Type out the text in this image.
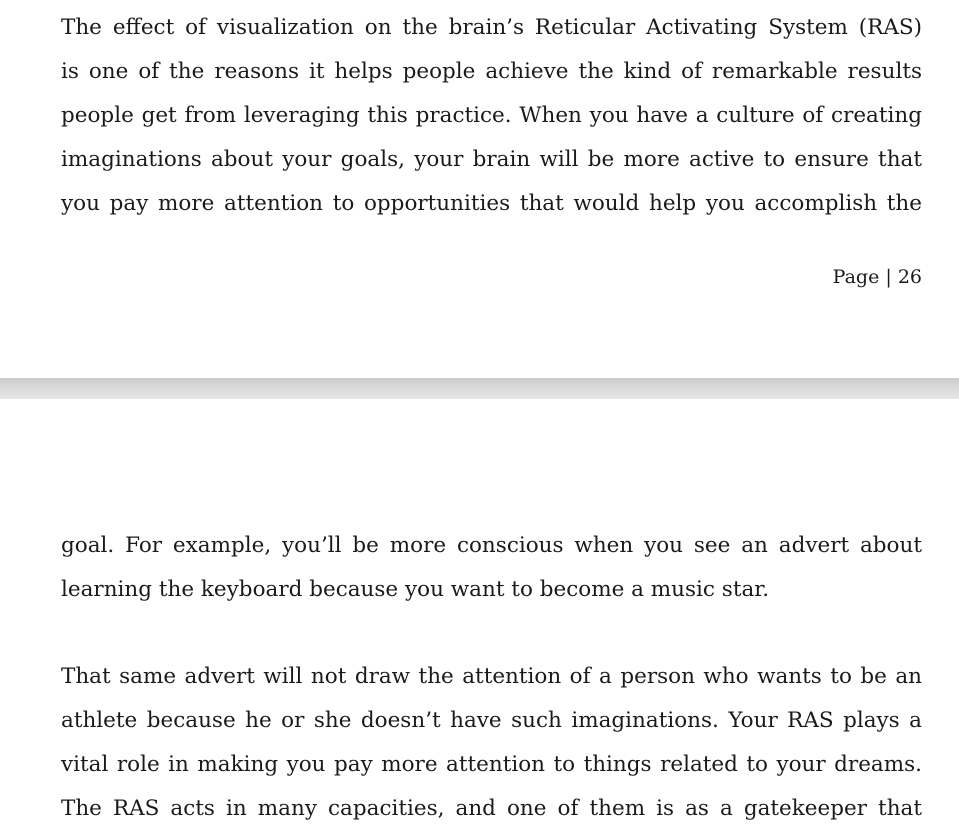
The effect of visualization on the brain’s Reticular Activating System (RAS)
is one of the reasons it helps people achieve the kind of remarkable results
people get from leveraging this practice. When you have a culture of creating
imaginations about your goals, your brain will be more active to ensure that
you pay more attention to opportunities that would help you accomplish the
Page | 26
goal. For example, you’ll be more conscious when you see an advert about
learning the keyboard because you want to become a music star.
That same advert will not draw the attention of a person who wants to be an
athlete because he or she doesn’t have such imaginations. Your RAS plays a
vital role in making you pay more attention to things related to your dreams.
The RAS acts in many capacities, and one of them is as a gatekeeper that
